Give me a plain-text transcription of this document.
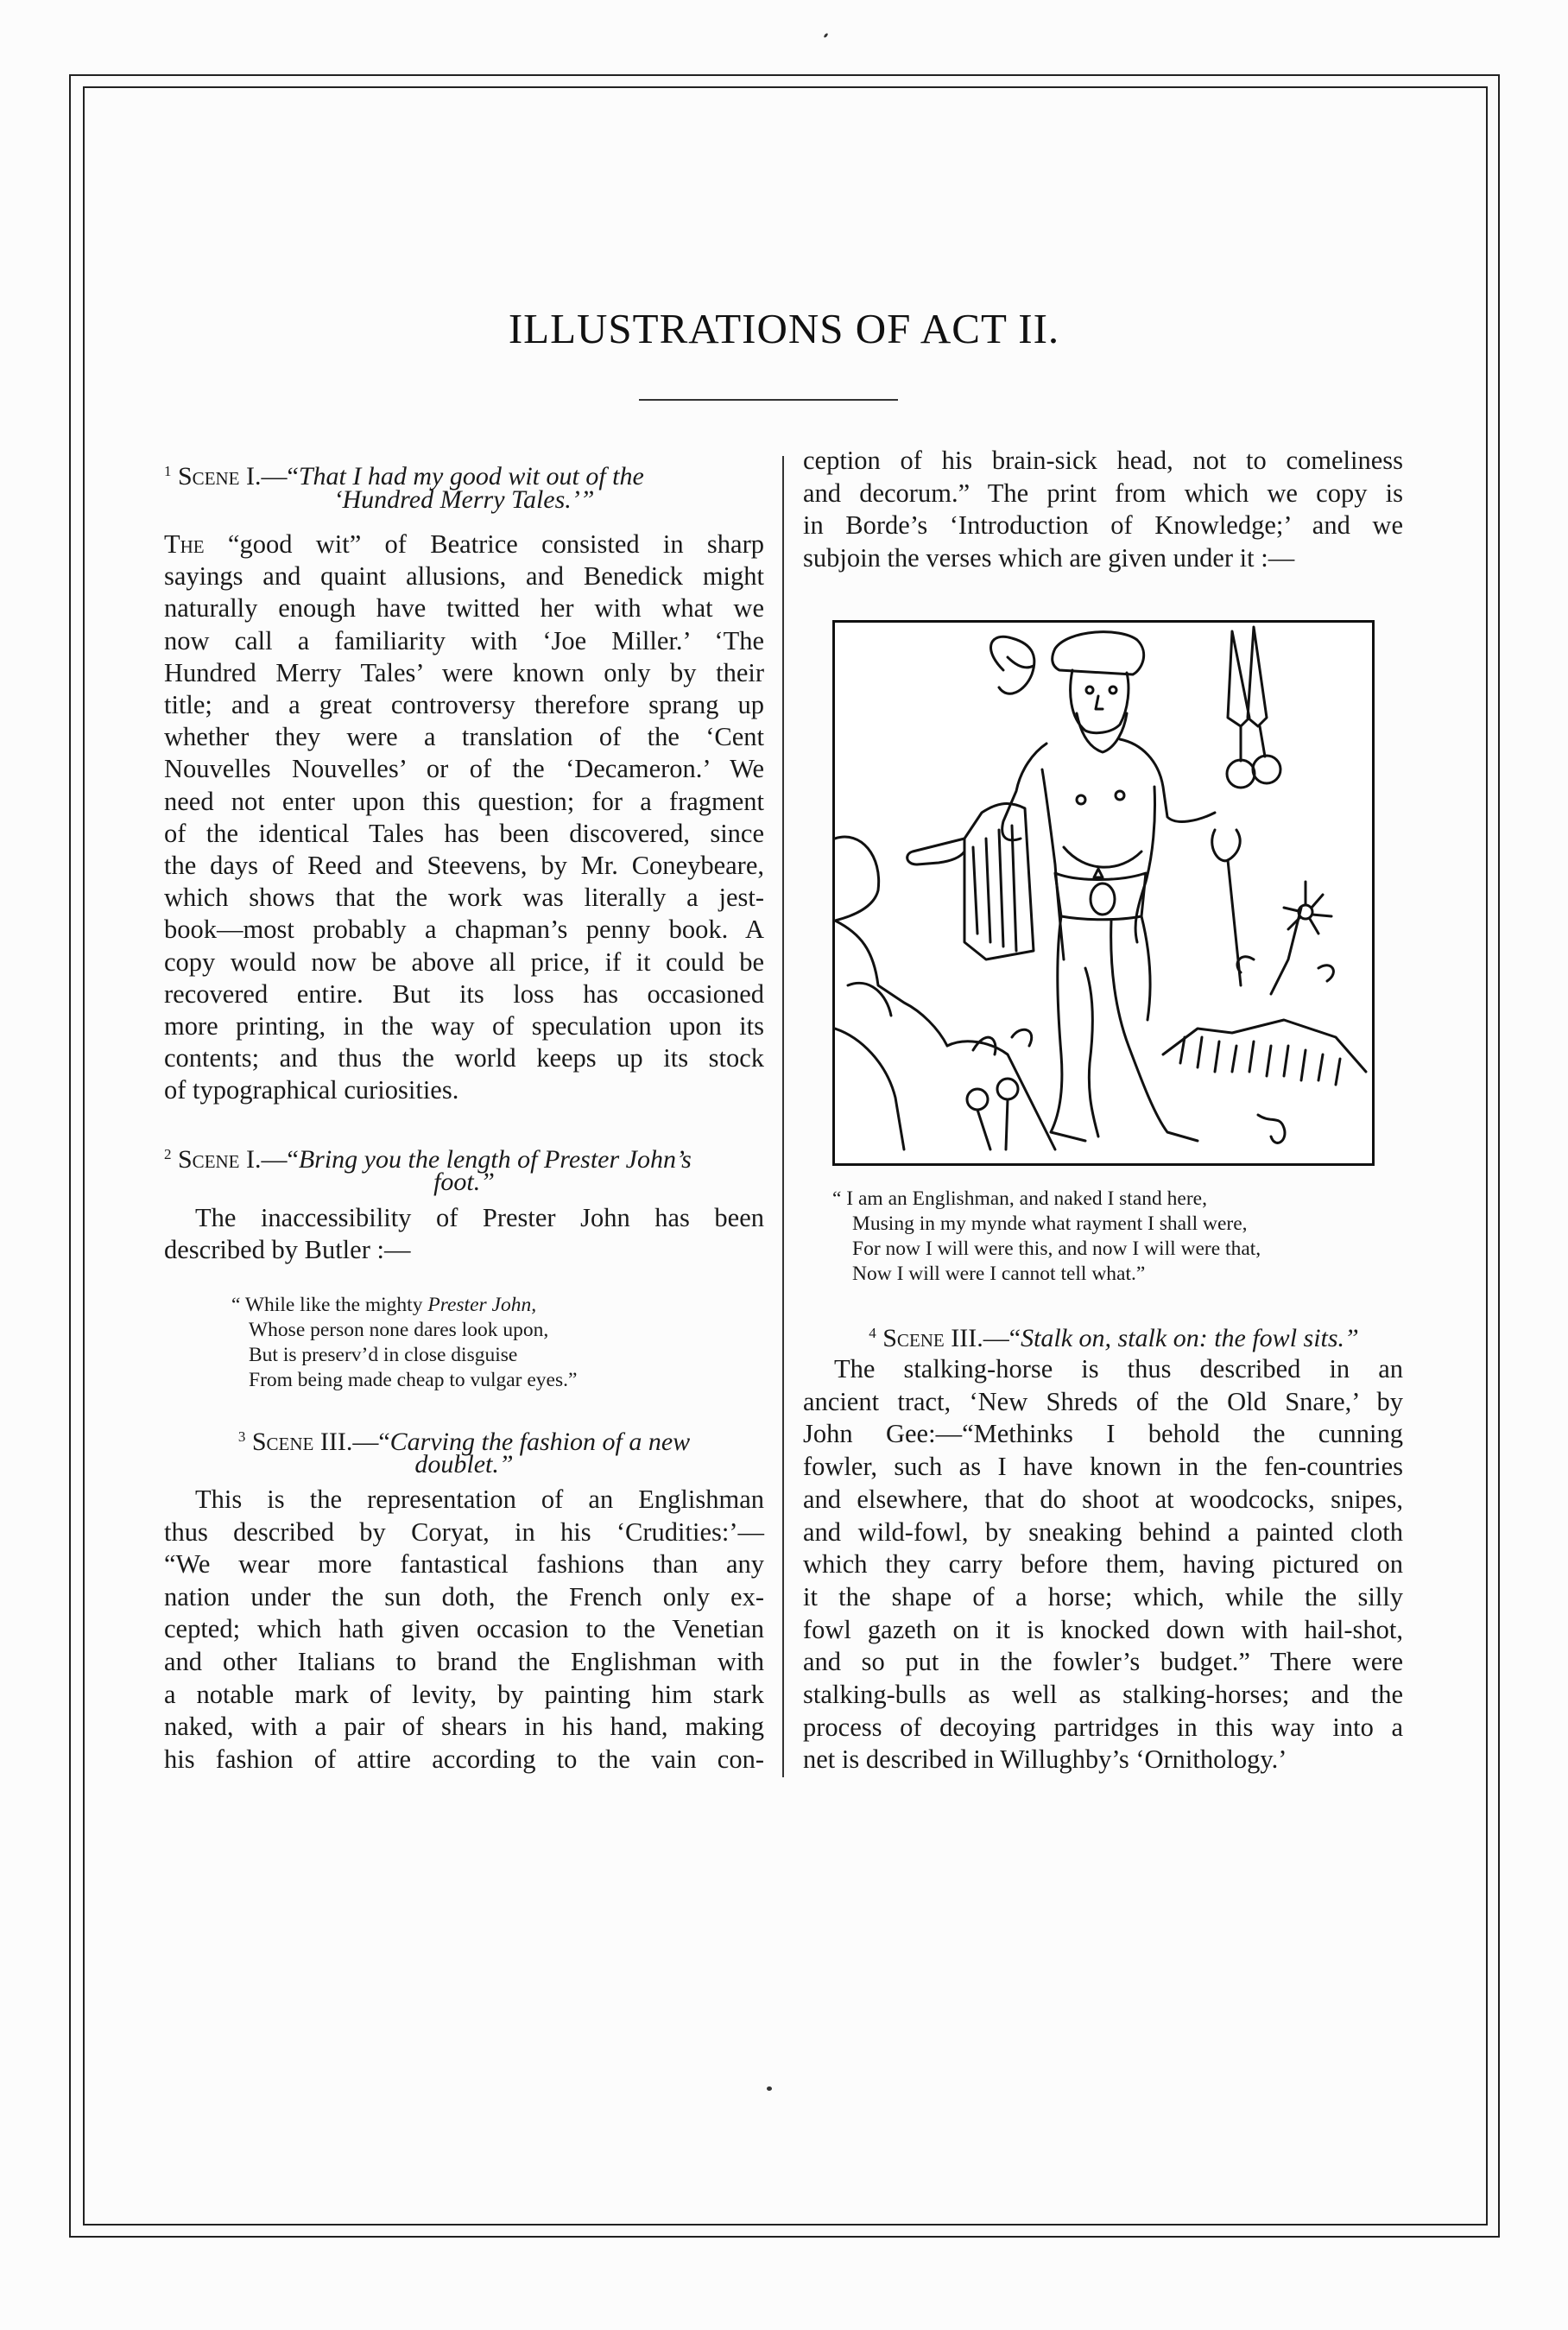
ILLUSTRATIONS OF ACT II.
$^1$ Scene I.—“That I had my good wit out of the
‘Hundred Merry Tales.’”
The “good wit” of Beatrice consisted in sharp
sayings and quaint allusions, and Benedick might
naturally enough have twitted her with what we
now call a familiarity with ‘Joe Miller.’ ‘The
Hundred Merry Tales’ were known only by their
title; and a great controversy therefore sprang up
whether they were a translation of the ‘Cent
Nouvelles Nouvelles’ or of the ‘Decameron.’ We
need not enter upon this question; for a fragment
of the identical Tales has been discovered, since
the days of Reed and Steevens, by Mr. Coneybeare,
which shows that the work was literally a jest-
book—most probably a chapman’s penny book. A
copy would now be above all price, if it could be
recovered entire. But its loss has occasioned
more printing, in the way of speculation upon its
contents; and thus the world keeps up its stock
of typographical curiosities.
$^2$ Scene I.—“Bring you the length of Prester John’s
foot.”
The inaccessibility of Prester John has been
described by Butler :—
“ While like the mighty Prester John,
Whose person none dares look upon,
But is preserv’d in close disguise
From being made cheap to vulgar eyes.”
$^3$ Scene III.—“Carving the fashion of a new
doublet.”
This is the representation of an Englishman
thus described by Coryat, in his ‘Crudities:’—
“We wear more fantastical fashions than any
nation under the sun doth, the French only ex-
cepted; which hath given occasion to the Venetian
and other Italians to brand the Englishman with
a notable mark of levity, by painting him stark
naked, with a pair of shears in his hand, making
his fashion of attire according to the vain con-
ception of his brain-sick head, not to comeliness
and decorum.” The print from which we copy is
in Borde’s ‘Introduction of Knowledge;’ and we
subjoin the verses which are given under it :—
“ I am an Englishman, and naked I stand here,
Musing in my mynde what rayment I shall were,
For now I will were this, and now I will were that,
Now I will were I cannot tell what.”
$^4$ Scene III.—“Stalk on, stalk on: the fowl sits.”
The stalking-horse is thus described in an
ancient tract, ‘New Shreds of the Old Snare,’ by
John Gee:—“Methinks I behold the cunning
fowler, such as I have known in the fen-countries
and elsewhere, that do shoot at woodcocks, snipes,
and wild-fowl, by sneaking behind a painted cloth
which they carry before them, having pictured on
it the shape of a horse; which, while the silly
fowl gazeth on it is knocked down with hail-shot,
and so put in the fowler’s budget.” There were
stalking-bulls as well as stalking-horses; and the
process of decoying partridges in this way into a
net is described in Willughby’s ‘Ornithology.’
